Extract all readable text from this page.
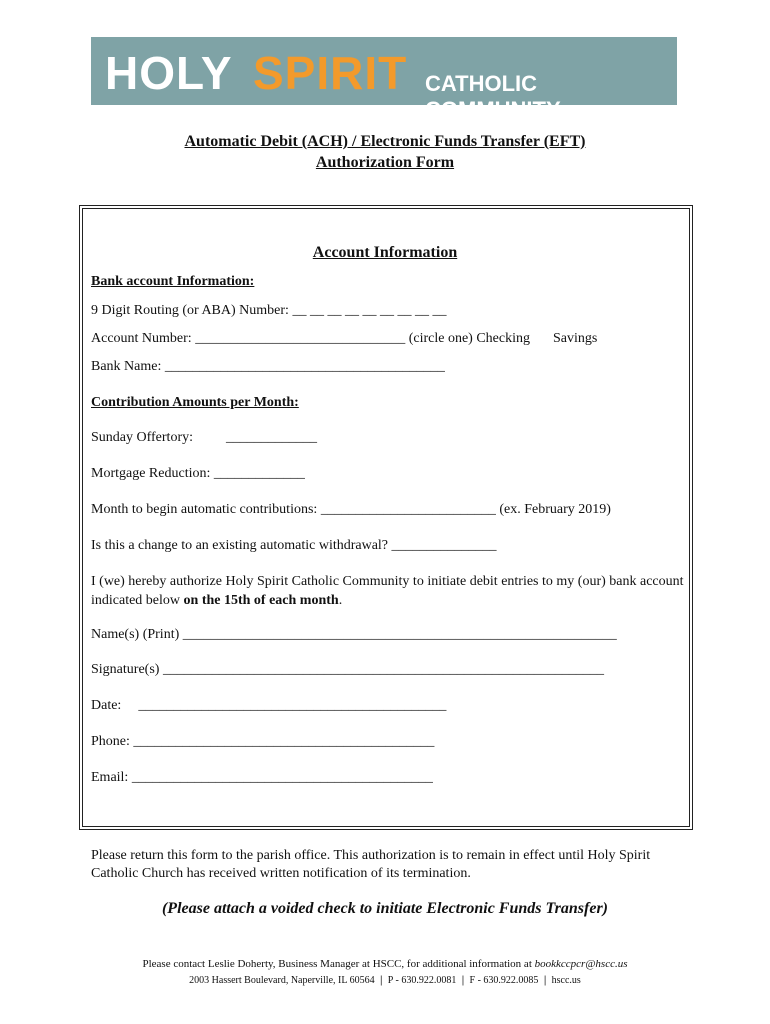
HOLY SPIRIT CATHOLIC COMMUNITY
Automatic Debit (ACH) / Electronic Funds Transfer (EFT)
Authorization Form
Account Information
Bank account Information:
9 Digit Routing (or ABA) Number: __ __ __ __ __ __ __ __ __
Account Number: ______________________________ (circle one) Checking Savings
Bank Name: ________________________________________
Contribution Amounts per Month:
Sunday Offertory: _____________
Mortgage Reduction: _____________
Month to begin automatic contributions: _________________________ (ex. February 2019)
Is this a change to an existing automatic withdrawal? _______________
I (we) hereby authorize Holy Spirit Catholic Community to initiate debit entries to my (our) bank account indicated below on the 15th of each month.
Name(s) (Print) ______________________________________________________________
Signature(s) _______________________________________________________________
Date: ____________________________________________
Phone: ___________________________________________
Email: ___________________________________________
Please return this form to the parish office. This authorization is to remain in effect until Holy Spirit Catholic Church has received written notification of its termination.
(Please attach a voided check to initiate Electronic Funds Transfer)
Please contact Leslie Doherty, Business Manager at HSCC, for additional information at bookkccpcr@hscc.us
2003 Hassert Boulevard, Naperville, IL 60564 | P - 630.922.0081 | F - 630.922.0085 | hscc.us
